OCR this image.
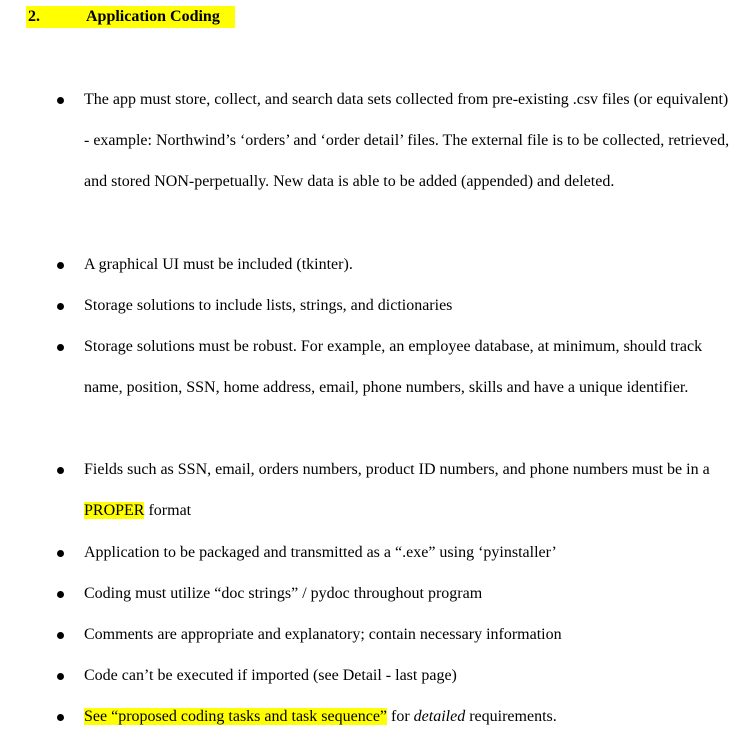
2.	Application Coding
The app must store, collect, and search data sets collected from pre-existing .csv files (or equivalent) - example: Northwind’s ‘orders’ and ‘order detail’ files. The external file is to be collected, retrieved, and stored NON-perpetually. New data is able to be added (appended) and deleted.
A graphical UI must be included (tkinter).
Storage solutions to include lists, strings, and dictionaries
Storage solutions must be robust. For example, an employee database, at minimum, should track name, position, SSN, home address, email, phone numbers, skills and have a unique identifier.
Fields such as SSN, email, orders numbers, product ID numbers, and phone numbers must be in a PROPER format
Application to be packaged and transmitted as a “.exe” using ‘pyinstaller’
Coding must utilize “doc strings” / pydoc throughout program
Comments are appropriate and explanatory; contain necessary information
Code can’t be executed if imported (see Detail - last page)
See “proposed coding tasks and task sequence” for detailed requirements.
